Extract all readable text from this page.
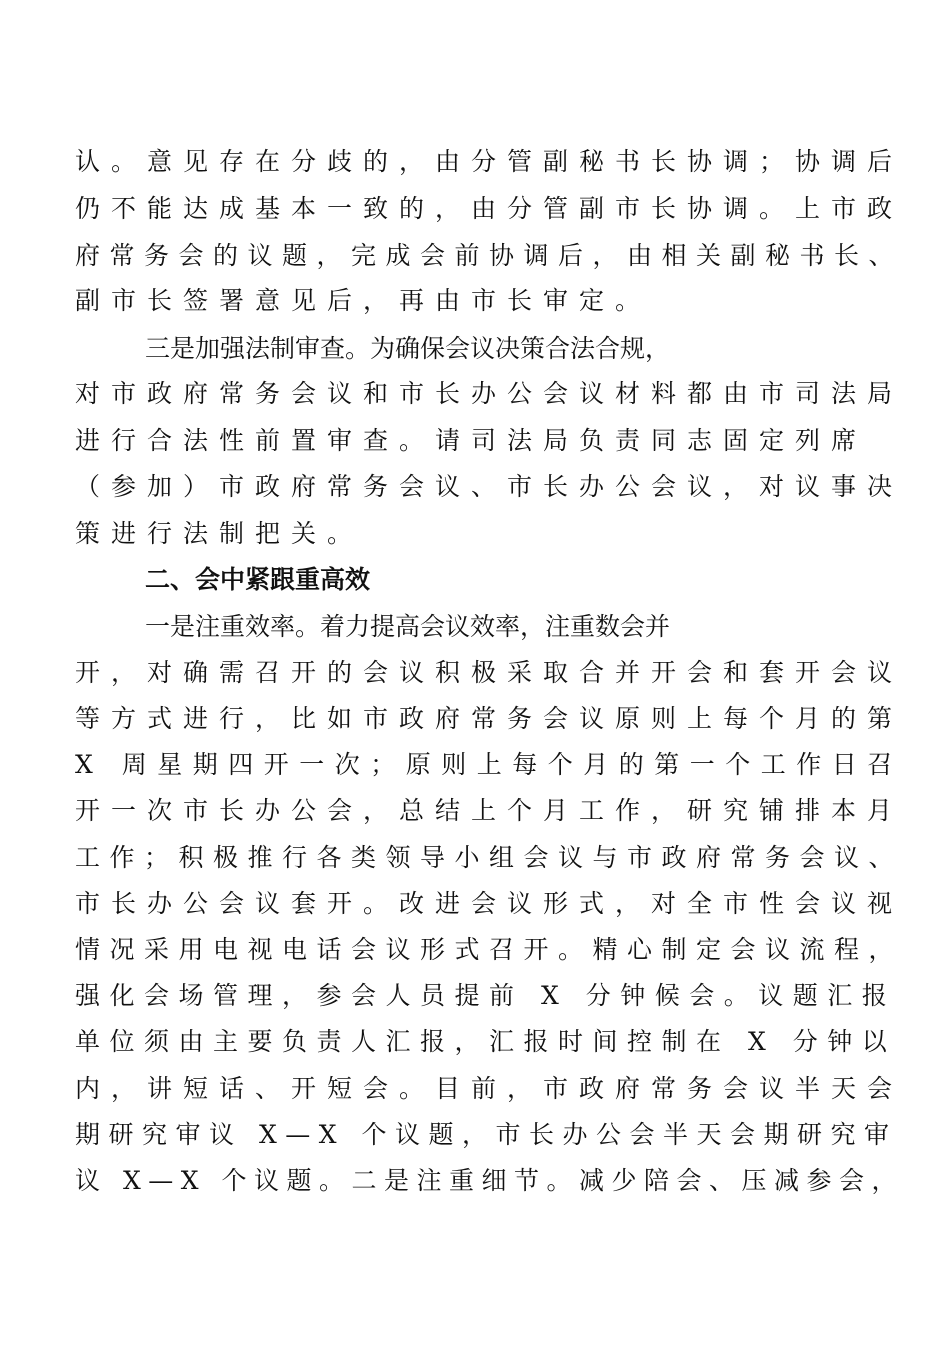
认。意见存在分歧的，由分管副秘书长协调；协调后
仍不能达成基本一致的，由分管副市长协调。上市政
府常务会的议题，完成会前协调后，由相关副秘书长、
副市长签署意见后，再由市长审定。
三是加强法制审查。为确保会议决策合法合规，
对市政府常务会议和市长办公会议材料都由市司法局
进行合法性前置审查。请司法局负责同志固定列席
（参加）市政府常务会议、市长办公会议，对议事决
策进行法制把关。
二、会中紧跟重高效
一是注重效率。着力提高会议效率，注重数会并
开，对确需召开的会议积极采取合并开会和套开会议
等方式进行，比如市政府常务会议原则上每个月的第
X 周星期四开一次；原则上每个月的第一个工作日召
开一次市长办公会，总结上个月工作，研究铺排本月
工作；积极推行各类领导小组会议与市政府常务会议、
市长办公会议套开。改进会议形式，对全市性会议视
情况采用电视电话会议形式召开。精心制定会议流程，
强化会场管理，参会人员提前 X 分钟候会。议题汇报
单位须由主要负责人汇报，汇报时间控制在 X 分钟以
内，讲短话、开短会。目前，市政府常务会议半天会
期研究审议 X—X 个议题，市长办公会半天会期研究审
议 X—X 个议题。二是注重细节。减少陪会、压减参会，
